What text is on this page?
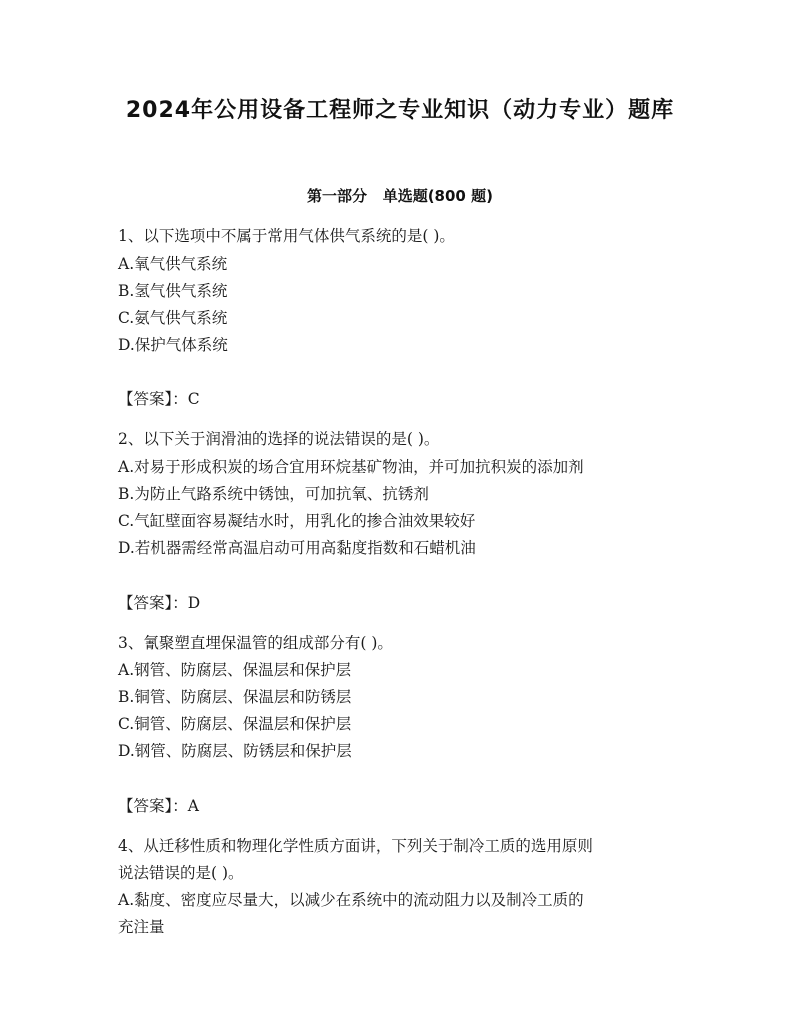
2024年公用设备工程师之专业知识（动力专业）题库
第一部分   单选题(800 题)
1、以下选项中不属于常用气体供气系统的是( )。
A.氧气供气系统
B.氢气供气系统
C.氨气供气系统
D.保护气体系统
【答案】：C
2、以下关于润滑油的选择的说法错误的是( )。
A.对易于形成积炭的场合宜用环烷基矿物油，并可加抗积炭的添加剂
B.为防止气路系统中锈蚀，可加抗氧、抗锈剂
C.气缸壁面容易凝结水时，用乳化的掺合油效果较好
D.若机器需经常高温启动可用高黏度指数和石蜡机油
【答案】：D
3、氰聚塑直埋保温管的组成部分有( )。
A.钢管、防腐层、保温层和保护层
B.铜管、防腐层、保温层和防锈层
C.铜管、防腐层、保温层和保护层
D.钢管、防腐层、防锈层和保护层
【答案】：A
4、从迁移性质和物理化学性质方面讲，下列关于制冷工质的选用原则
说法错误的是( )。
A.黏度、密度应尽量大，以减少在系统中的流动阻力以及制冷工质的
充注量
